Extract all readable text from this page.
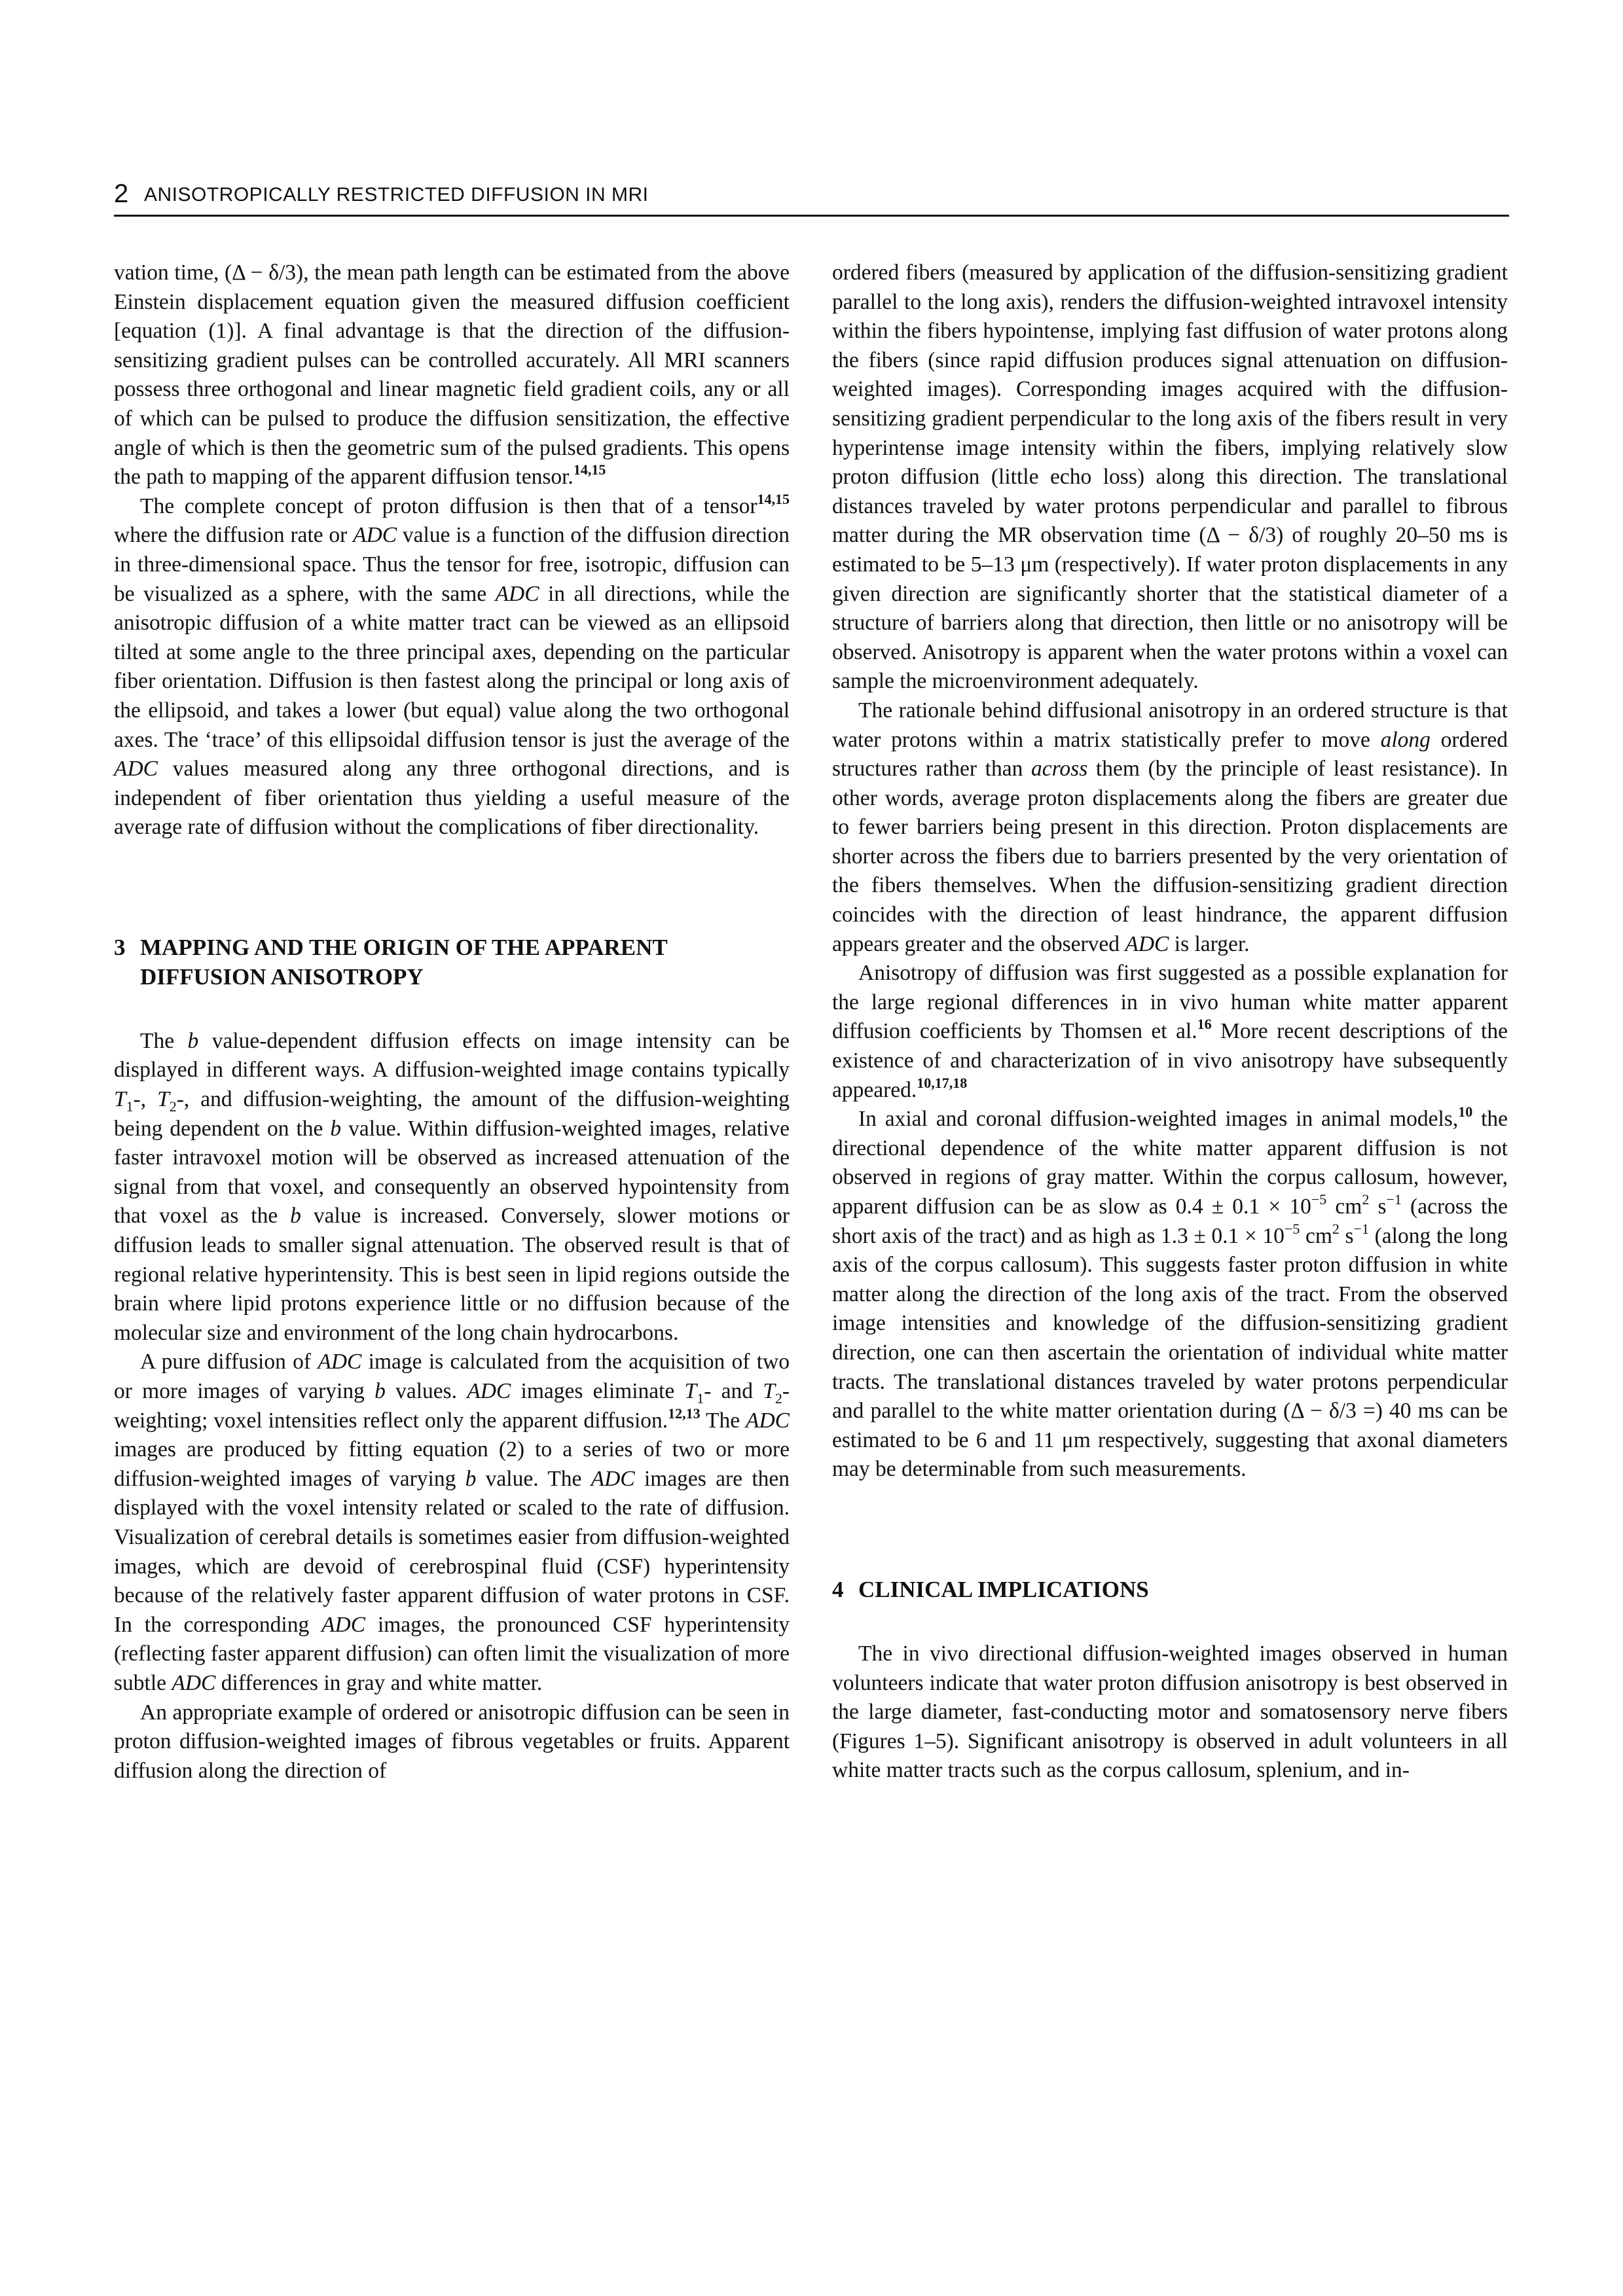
2 ANISOTROPICALLY RESTRICTED DIFFUSION IN MRI

vation time, (Δ − δ/3), the mean path length can be estimated from the above Einstein displacement equation given the measured diffusion coefficient [equation (1)]. A final advantage is that the direction of the diffusion-sensitizing gradient pulses can be controlled accurately. All MRI scanners possess three orthogonal and linear magnetic field gradient coils, any or all of which can be pulsed to produce the diffusion sensitization, the effective angle of which is then the geometric sum of the pulsed gradients. This opens the path to mapping of the apparent diffusion tensor.$^{14,15}$

The complete concept of proton diffusion is then that of a tensor$^{14,15}$ where the diffusion rate or ADC value is a function of the diffusion direction in three-dimensional space. Thus the tensor for free, isotropic, diffusion can be visualized as a sphere, with the same ADC in all directions, while the anisotropic diffusion of a white matter tract can be viewed as an ellipsoid tilted at some angle to the three principal axes, depending on the particular fiber orientation. Diffusion is then fastest along the principal or long axis of the ellipsoid, and takes a lower (but equal) value along the two orthogonal axes. The ‘trace’ of this ellipsoidal diffusion tensor is just the average of the ADC values measured along any three orthogonal directions, and is independent of fiber orientation thus yielding a useful measure of the average rate of diffusion without the complications of fiber directionality.

3 MAPPING AND THE ORIGIN OF THE APPARENT DIFFUSION ANISOTROPY

The b value-dependent diffusion effects on image intensity can be displayed in different ways. A diffusion-weighted image contains typically $T_1-$, $T_2-$, and diffusion-weighting, the amount of the diffusion-weighting being dependent on the b value. Within diffusion-weighted images, relative faster intravoxel motion will be observed as increased attenuation of the signal from that voxel, and consequently an observed hypointensity from that voxel as the b value is increased. Conversely, slower motions or diffusion leads to smaller signal attenuation. The observed result is that of regional relative hyperintensity. This is best seen in lipid regions outside the brain where lipid protons experience little or no diffusion because of the molecular size and environment of the long chain hydrocarbons.

A pure diffusion of ADC image is calculated from the acquisition of two or more images of varying b values. ADC images eliminate $T_1-$ and $T_2$-weighting; voxel intensities reflect only the apparent diffusion.$^{12,13}$ The ADC images are produced by fitting equation (2) to a series of two or more diffusion-weighted images of varying b value. The ADC images are then displayed with the voxel intensity related or scaled to the rate of diffusion. Visualization of cerebral details is sometimes easier from diffusion-weighted images, which are devoid of cerebrospinal fluid (CSF) hyperintensity because of the relatively faster apparent diffusion of water protons in CSF. In the corresponding ADC images, the pronounced CSF hyperintensity (reflecting faster apparent diffusion) can often limit the visualization of more subtle ADC differences in gray and white matter.

An appropriate example of ordered or anisotropic diffusion can be seen in proton diffusion-weighted images of fibrous vegetables or fruits. Apparent diffusion along the direction of

ordered fibers (measured by application of the diffusion-sensitizing gradient parallel to the long axis), renders the diffusion-weighted intravoxel intensity within the fibers hypointense, implying fast diffusion of water protons along the fibers (since rapid diffusion produces signal attenuation on diffusion-weighted images). Corresponding images acquired with the diffusion-sensitizing gradient perpendicular to the long axis of the fibers result in very hyperintense image intensity within the fibers, implying relatively slow proton diffusion (little echo loss) along this direction. The translational distances traveled by water protons perpendicular and parallel to fibrous matter during the MR observation time (Δ − δ/3) of roughly 20–50 ms is estimated to be 5–13 μm (respectively). If water proton displacements in any given direction are significantly shorter that the statistical diameter of a structure of barriers along that direction, then little or no anisotropy will be observed. Anisotropy is apparent when the water protons within a voxel can sample the microenvironment adequately.

The rationale behind diffusional anisotropy in an ordered structure is that water protons within a matrix statistically prefer to move along ordered structures rather than across them (by the principle of least resistance). In other words, average proton displacements along the fibers are greater due to fewer barriers being present in this direction. Proton displacements are shorter across the fibers due to barriers presented by the very orientation of the fibers themselves. When the diffusion-sensitizing gradient direction coincides with the direction of least hindrance, the apparent diffusion appears greater and the observed ADC is larger.

Anisotropy of diffusion was first suggested as a possible explanation for the large regional differences in in vivo human white matter apparent diffusion coefficients by Thomsen et al.$^{16}$ More recent descriptions of the existence of and characterization of in vivo anisotropy have subsequently appeared.$^{10,17,18}$

In axial and coronal diffusion-weighted images in animal models,$^{10}$ the directional dependence of the white matter apparent diffusion is not observed in regions of gray matter. Within the corpus callosum, however, apparent diffusion can be as slow as $0.4 \pm 0.1 \times 10^{-5}$ $cm^2$ $s^{-1}$ (across the short axis of the tract) and as high as $1.3 \pm 0.1 \times 10^{-5}$ $cm^2$ $s^{-1}$ (along the long axis of the corpus callosum). This suggests faster proton diffusion in white matter along the direction of the long axis of the tract. From the observed image intensities and knowledge of the diffusion-sensitizing gradient direction, one can then ascertain the orientation of individual white matter tracts. The translational distances traveled by water protons perpendicular and parallel to the white matter orientation during (Δ − δ/3 =) 40 ms can be estimated to be 6 and 11 μm respectively, suggesting that axonal diameters may be determinable from such measurements.

4 CLINICAL IMPLICATIONS

The in vivo directional diffusion-weighted images observed in human volunteers indicate that water proton diffusion anisotropy is best observed in the large diameter, fast-conducting motor and somatosensory nerve fibers (Figures 1–5). Significant anisotropy is observed in adult volunteers in all white matter tracts such as the corpus callosum, splenium, and in-
